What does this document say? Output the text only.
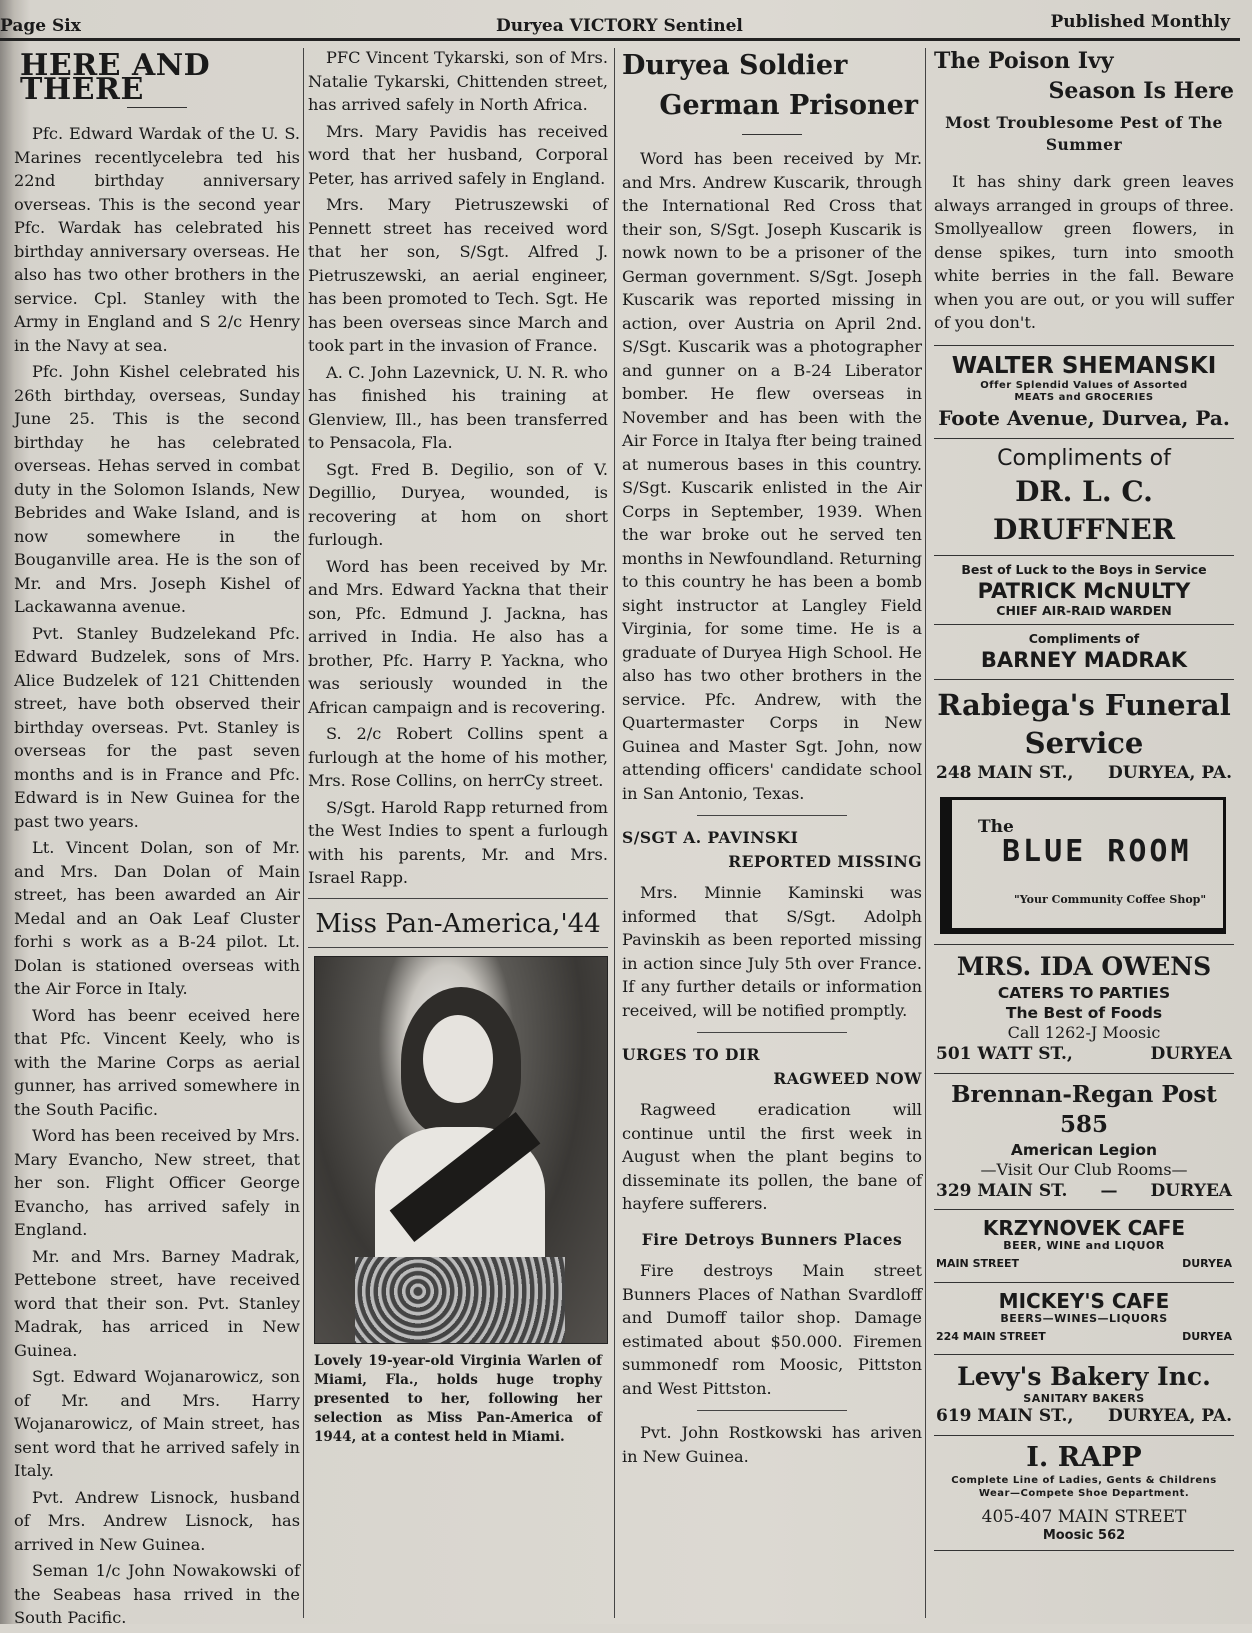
Page Six	Duryea VICTORY Sentinel	Published Monthly
HERE AND THERE

Pfc. Edward Wardak of the U. S. Marines recentlycelebra ted his 22nd birthday anniversary overseas. This is the second year Pfc. Wardak has celebrated his birthday anniversary overseas. He also has two other brothers in the service. Cpl. Stanley with the Army in England and S 2/c Henry in the Navy at sea.

Pfc. John Kishel celebrated his 26th birthday, overseas, Sunday June 25. This is the second birthday he has celebrated overseas. Hehas served in combat duty in the Solomon Islands, New Bebrides and Wake Island, and is now somewhere in the Bouganville area. He is the son of Mr. and Mrs. Joseph Kishel of Lackawanna avenue.

Pvt. Stanley Budzelekand Pfc. Edward Budzelek, sons of Mrs. Alice Budzelek of 121 Chittenden street, have both observed their birthday overseas. Pvt. Stanley is overseas for the past seven months and is in France and Pfc. Edward is in New Guinea for the past two years.

Lt. Vincent Dolan, son of Mr. and Mrs. Dan Dolan of Main street, has been awarded an Air Medal and an Oak Leaf Cluster forhi s work as a B-24 pilot. Lt. Dolan is stationed overseas with the Air Force in Italy.

Word has beenr eceived here that Pfc. Vincent Keely, who is with the Marine Corps as aerial gunner, has arrived somewhere in the South Pacific.

Word has been received by Mrs. Mary Evancho, New street, that her son. Flight Officer George Evancho, has arrived safely in England.

Mr. and Mrs. Barney Madrak, Pettebone street, have received word that their son. Pvt. Stanley Madrak, has arriced in New Guinea.

Sgt. Edward Wojanarowicz, son of Mr. and Mrs. Harry Wojanarowicz, of Main street, has sent word that he arrived safely in Italy.

Pvt. Andrew Lisnock, husband of Mrs. Andrew Lisnock, has arrived in New Guinea.

Seman 1/c John Nowakowski of the Seabeas hasa rrived in the South Pacific.

PFC Vincent Tykarski, son of Mrs. Natalie Tykarski, Chittenden street, has arrived safely in North Africa.

Mrs. Mary Pavidis has received word that her husband, Corporal Peter, has arrived safely in England.

Mrs. Mary Pietruszewski of Pennett street has received word that her son, S/Sgt. Alfred J. Pietruszewski, an aerial engineer, has been promoted to Tech. Sgt. He has been overseas since March and took part in the invasion of France.

A. C. John Lazevnick, U. N. R. who has finished his training at Glenview, Ill., has been transferred to Pensacola, Fla.

Sgt. Fred B. Degilio, son of V. Degillio, Duryea, wounded, is recovering at hom on short furlough.

Word has been received by Mr. and Mrs. Edward Yackna that their son, Pfc. Edmund J. Jackna, has arrived in India. He also has a brother, Pfc. Harry P. Yackna, who was seriously wounded in the African campaign and is recovering.

S. 2/c Robert Collins spent a furlough at the home of his mother, Mrs. Rose Collins, on herrCy street.

S/Sgt. Harold Rapp returned from the West Indies to spent a furlough with his parents, Mr. and Mrs. Israel Rapp.

Miss Pan-America,'44
Lovely 19-year-old Virginia Warlen of Miami, Fla., holds huge trophy presented to her, following her selection as Miss Pan-America of 1944, at a contest held in Miami.
Duryea Soldier
German Prisoner

Word has been received by Mr. and Mrs. Andrew Kuscarik, through the International Red Cross that their son, S/Sgt. Joseph Kuscarik is nowk nown to be a prisoner of the German government. S/Sgt. Joseph Kuscarik was reported missing in action, over Austria on April 2nd. S/Sgt. Kuscarik was a photographer and gunner on a B-24 Liberator bomber. He flew overseas in November and has been with the Air Force in Italya fter being trained at numerous bases in this country. S/Sgt. Kuscarik enlisted in the Air Corps in September, 1939. When the war broke out he served ten months in Newfoundland. Returning to this country he has been a bomb sight instructor at Langley Field Virginia, for some time. He is a graduate of Duryea High School. He also has two other brothers in the service. Pfc. Andrew, with the Quartermaster Corps in New Guinea and Master Sgt. John, now attending officers' candidate school in San Antonio, Texas.

S/SGT A. PAVINSKI
REPORTED MISSING

Mrs. Minnie Kaminski was informed that S/Sgt. Adolph Pavinskih as been reported missing in action since July 5th over France. If any further details or information received, will be notified promptly.

URGES TO DIR
RAGWEED NOW

Ragweed eradication will continue until the first week in August when the plant begins to disseminate its pollen, the bane of hayfere sufferers.

Fire Detroys Bunners Places

Fire destroys Main street Bunners Places of Nathan Svardloff and Dumoff tailor shop. Damage estimated about $50.000. Firemen summonedf rom Moosic, Pittston and West Pittston.

Pvt. John Rostkowski has ariven in New Guinea.

The Poison Ivy
Season Is Here
Most Troublesome Pest of The Summer

It has shiny dark green leaves always arranged in groups of three. Smollyeallow green flowers, in dense spikes, turn into smooth white berries in the fall. Beware when you are out, or you will suffer of you don't.

WALTER SHEMANSKI
Offer Splendid Values of Assorted
MEATS and GROCERIES
Foote Avenue, Durvea, Pa.
Compliments of
DR. L. C. DRUFFNER
Best of Luck to the Boys in Service
PATRICK McNULTY
CHIEF AIR-RAID WARDEN
Compliments of
BARNEY MADRAK
Rabiega's Funeral
Service
248 MAIN ST., DURYEA, PA.
The
BLUE ROOM
"Your Community Coffee Shop"
MRS. IDA OWENS
CATERS TO PARTIES
The Best of Foods
Call 1262-J Moosic
501 WATT ST.,	DURYEA
Brennan-Regan Post 585
American Legion
—Visit Our Club Rooms—
329 MAIN ST. — DURYEA
KRZYNOVEK CAFE
BEER, WINE and LIQUOR
MAIN STREET	DURYEA
MICKEY'S CAFE
BEERS—WINES—LIQUORS
224 MAIN STREET	DURYEA
Levy's Bakery Inc.
SANITARY BAKERS
619 MAIN ST., DURYEA, PA.
I. RAPP
Complete Line of Ladies, Gents & Childrens Wear—Compete Shoe Department.
405-407 MAIN STREET
Moosic 562
